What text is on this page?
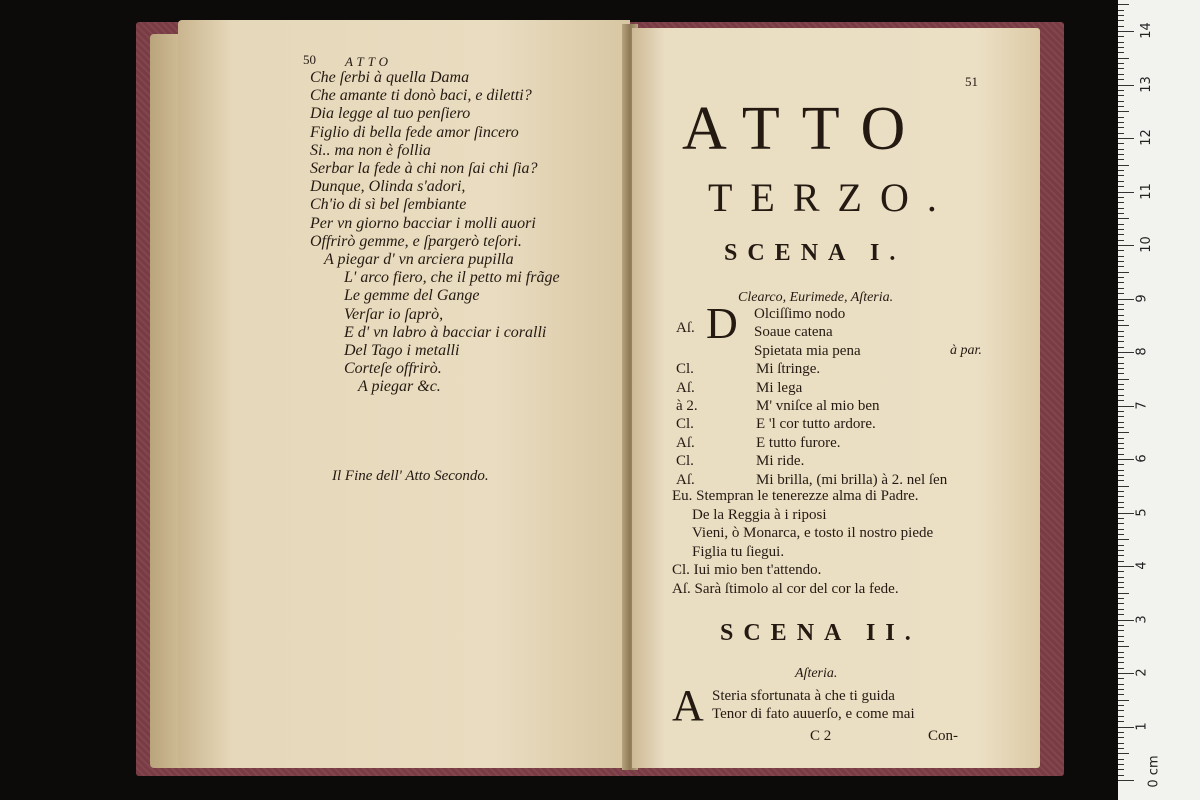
50 ATTO
Che ſerbi à quella Dama
Che amante ti donò baci, e diletti?
Dia legge al tuo penſiero
Figlio di bella fede amor ſincero
Si.. ma non è follia
Serbar la fede à chi non ſai chi ſia?
Dunque, Olinda s'adori,
Ch'io di sì bel ſembiante
Per vn giorno bacciar i molli auori
Offrirò gemme, e ſpargerò teſori.
A piegar d' vn arciera pupilla
L' arco fiero, che il petto mi frãge
Le gemme del Gange
Verſar io ſaprò,
E d' vn labro à bacciar i coralli
Del Tago i metalli
Corteſe offrirò.
A piegar &c.
Il Fine dell' Atto Secondo.
51
ATTO
TERZO.
SCENA I.
Clearco, Eurimede, Aſteria.
D
Aſ.
Olciſſimo nodo
Soaue catena
Spietata mia pena	à par.
Cl.	Mi ſtringe.
Aſ.	Mi lega
à 2.	M' vniſce al mio ben
Cl.	E 'l cor tutto ardore.
Aſ.	E tutto furore.
Cl.	Mi ride.
Aſ.	Mi brilla, (mi brilla) à 2. nel ſen
Eu. Stempran le tenerezze alma di Padre.
De la Reggia à i riposi
Vieni, ò Monarca, e tosto il nostro piede
Figlia tu ſiegui.
Cl. Iui mio ben t'attendo.
Aſ. Sarà ſtimolo al cor del cor la fede.
SCENA II.
Aſteria.
A Steria sfortunata à che ti guida
Tenor di fato auuerſo, e come mai
C 2	Con-
14
13
12
11
10
9
8
7
6
5
4
3
2
1
0 cm
